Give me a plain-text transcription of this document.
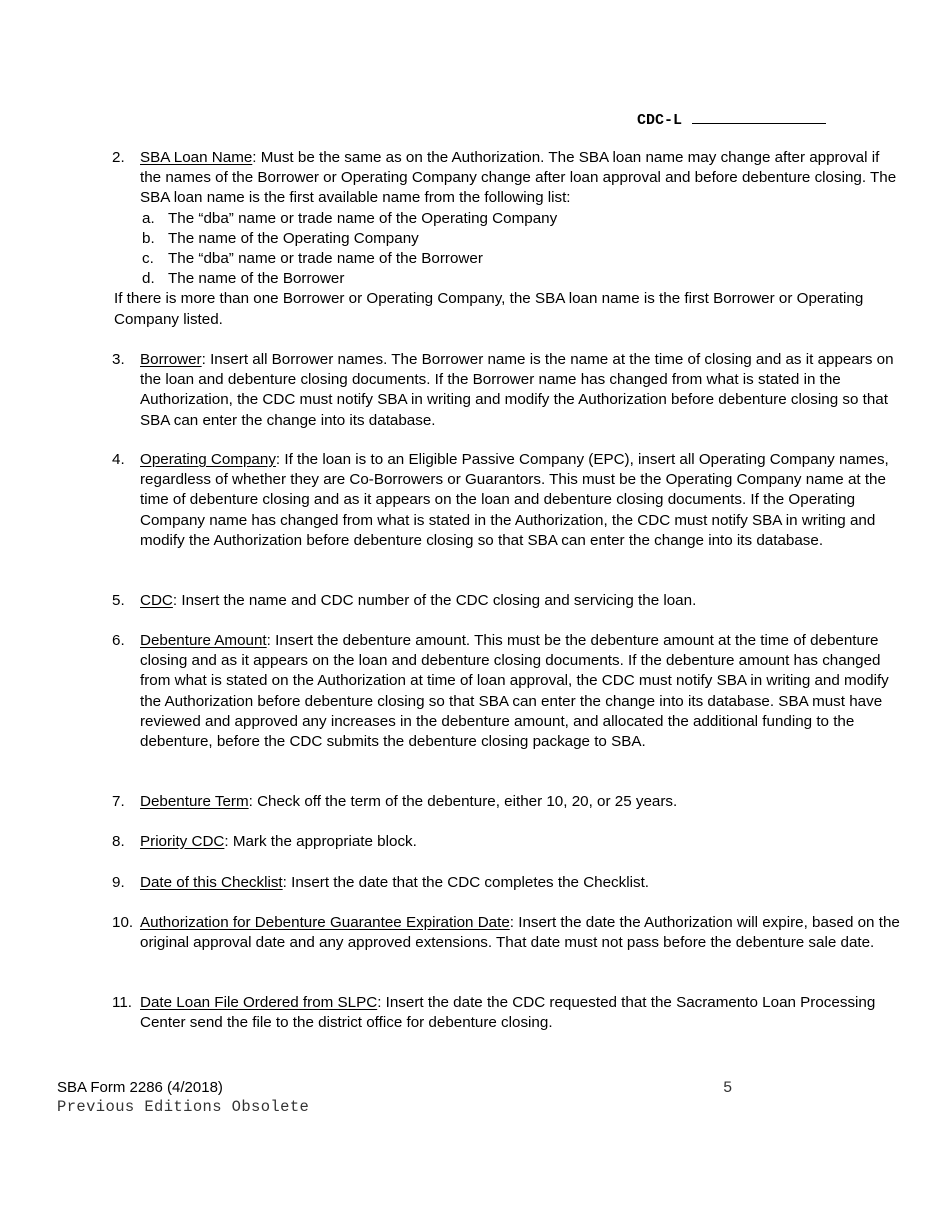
CDC-L
2. SBA Loan Name: Must be the same as on the Authorization. The SBA loan name may change after approval if the names of the Borrower or Operating Company change after loan approval and before debenture closing. The SBA loan name is the first available name from the following list:
a. The “dba” name or trade name of the Operating Company
b. The name of the Operating Company
c. The “dba” name or trade name of the Borrower
d. The name of the Borrower
If there is more than one Borrower or Operating Company, the SBA loan name is the first Borrower or Operating Company listed.
3. Borrower: Insert all Borrower names. The Borrower name is the name at the time of closing and as it appears on the loan and debenture closing documents. If the Borrower name has changed from what is stated in the Authorization, the CDC must notify SBA in writing and modify the Authorization before debenture closing so that SBA can enter the change into its database.
4. Operating Company: If the loan is to an Eligible Passive Company (EPC), insert all Operating Company names, regardless of whether they are Co-Borrowers or Guarantors. This must be the Operating Company name at the time of debenture closing and as it appears on the loan and debenture closing documents. If the Operating Company name has changed from what is stated in the Authorization, the CDC must notify SBA in writing and modify the Authorization before debenture closing so that SBA can enter the change into its database.
5. CDC: Insert the name and CDC number of the CDC closing and servicing the loan.
6. Debenture Amount: Insert the debenture amount. This must be the debenture amount at the time of debenture closing and as it appears on the loan and debenture closing documents. If the debenture amount has changed from what is stated on the Authorization at time of loan approval, the CDC must notify SBA in writing and modify the Authorization before debenture closing so that SBA can enter the change into its database. SBA must have reviewed and approved any increases in the debenture amount, and allocated the additional funding to the debenture, before the CDC submits the debenture closing package to SBA.
7. Debenture Term: Check off the term of the debenture, either 10, 20, or 25 years.
8. Priority CDC: Mark the appropriate block.
9. Date of this Checklist: Insert the date that the CDC completes the Checklist.
10. Authorization for Debenture Guarantee Expiration Date: Insert the date the Authorization will expire, based on the original approval date and any approved extensions. That date must not pass before the debenture sale date.
11. Date Loan File Ordered from SLPC: Insert the date the CDC requested that the Sacramento Loan Processing Center send the file to the district office for debenture closing.
SBA Form 2286 (4/2018)
Previous Editions Obsolete
5
